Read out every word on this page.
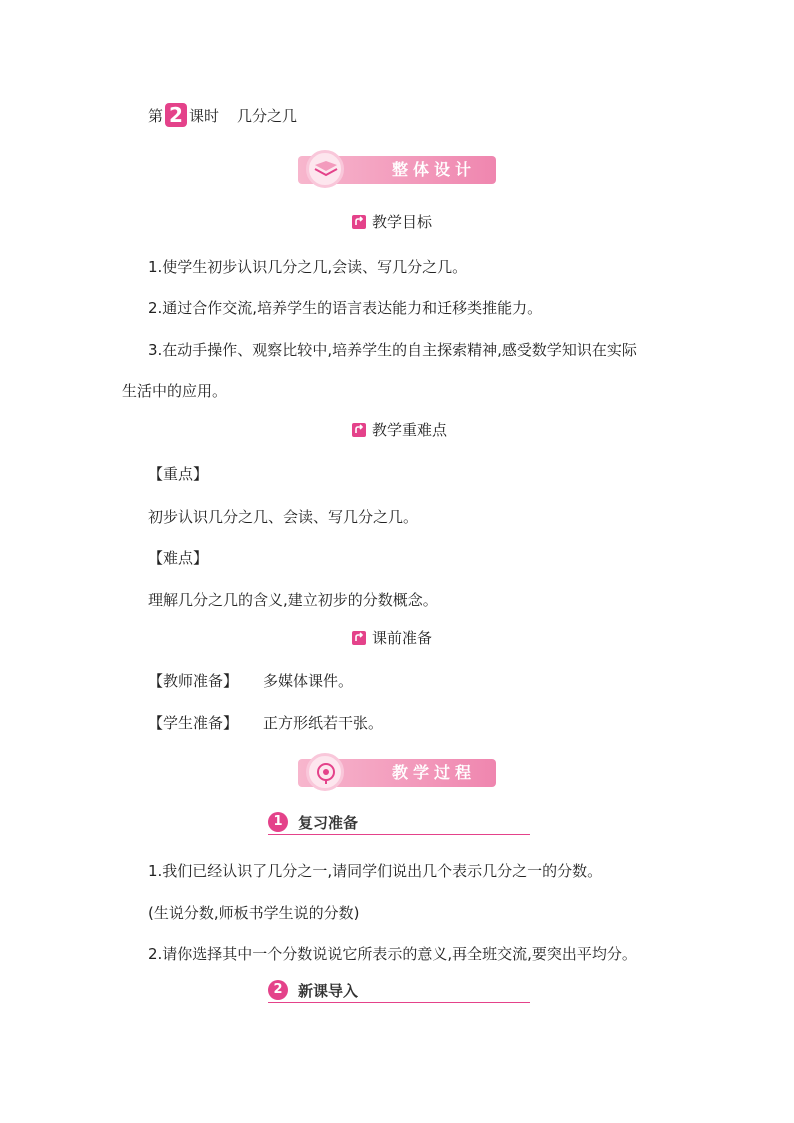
第 2 课时 几分之几
整体设计
教学目标
1.使学生初步认识几分之几,会读、写几分之几。
2.通过合作交流,培养学生的语言表达能力和迁移类推能力。
3.在动手操作、观察比较中,培养学生的自主探索精神,感受数学知识在实际
生活中的应用。
教学重难点
【重点】
初步认识几分之几、会读、写几分之几。
【难点】
理解几分之几的含义,建立初步的分数概念。
课前准备
【教师准备】 多媒体课件。
【学生准备】 正方形纸若干张。
教学过程
1	复习准备
1.我们已经认识了几分之一,请同学们说出几个表示几分之一的分数。
(生说分数,师板书学生说的分数)
2.请你选择其中一个分数说说它所表示的意义,再全班交流,要突出平均分。
2	新课导入
